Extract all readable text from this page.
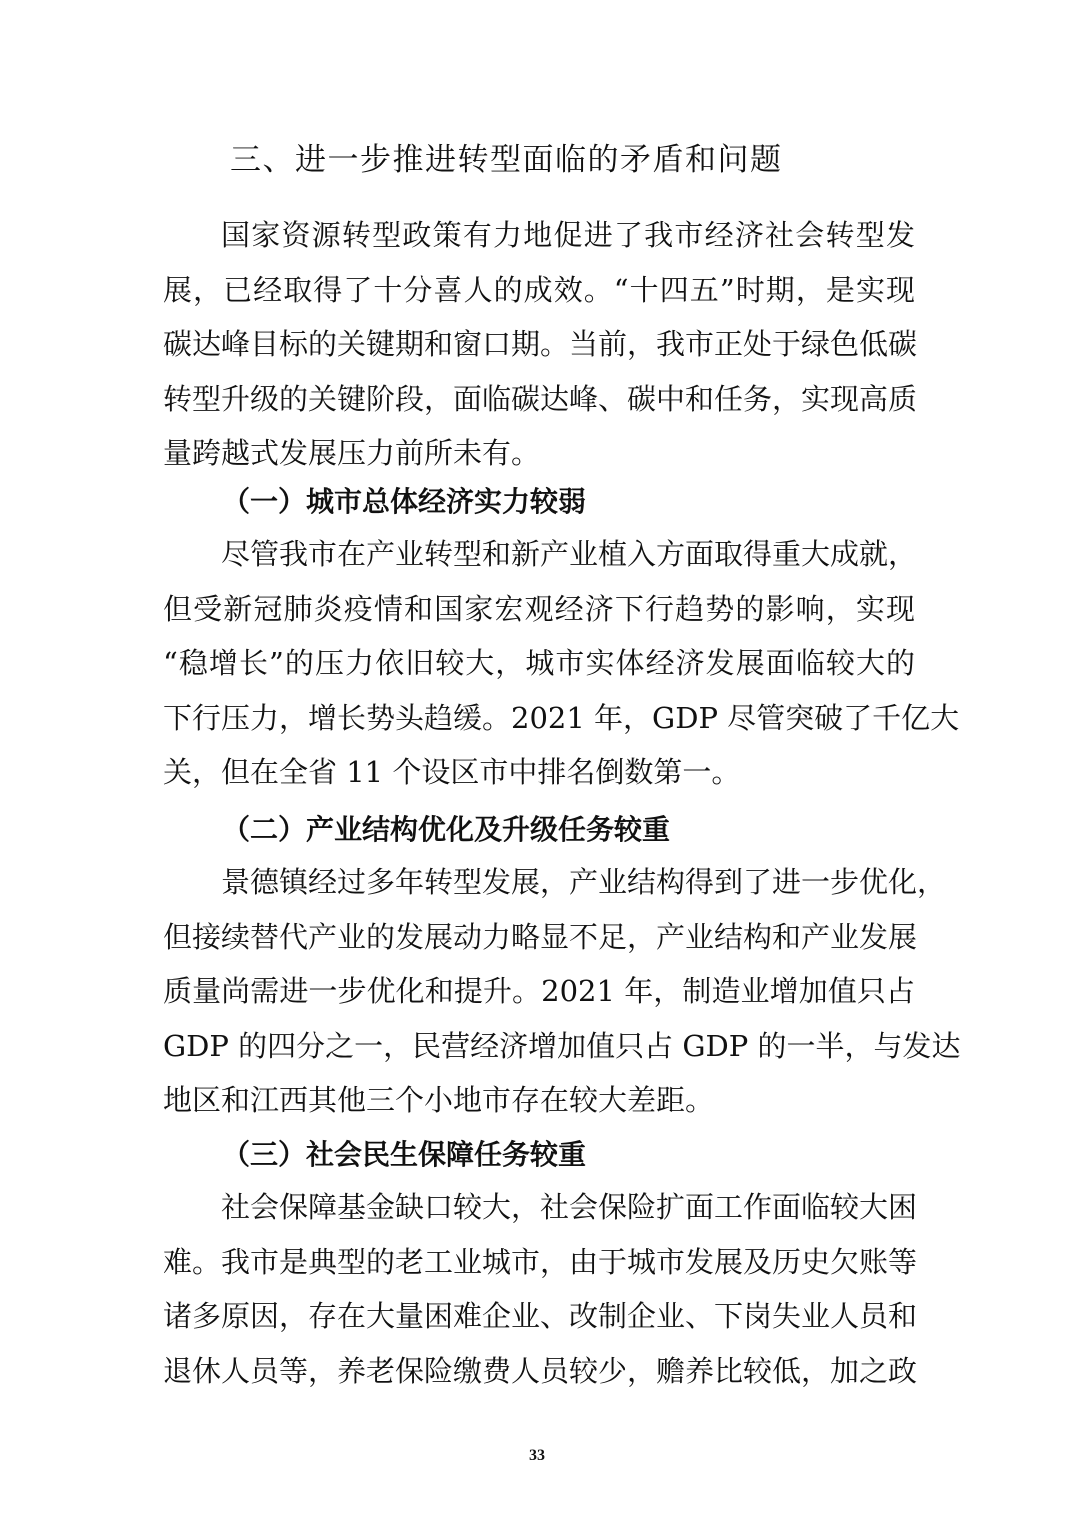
三、进一步推进转型面临的矛盾和问题
国家资源转型政策有力地促进了我市经济社会转型发
展，已经取得了十分喜人的成效。“十四五”时期，是实现
碳达峰目标的关键期和窗口期。当前，我市正处于绿色低碳
转型升级的关键阶段，面临碳达峰、碳中和任务，实现高质
量跨越式发展压力前所未有。
（一）城市总体经济实力较弱
尽管我市在产业转型和新产业植入方面取得重大成就，
但受新冠肺炎疫情和国家宏观经济下行趋势的影响，实现
“稳增长”的压力依旧较大，城市实体经济发展面临较大的
下行压力，增长势头趋缓。2021 年，GDP 尽管突破了千亿大
关，但在全省 11 个设区市中排名倒数第一。
（二）产业结构优化及升级任务较重
景德镇经过多年转型发展，产业结构得到了进一步优化，
但接续替代产业的发展动力略显不足，产业结构和产业发展
质量尚需进一步优化和提升。2021 年，制造业增加值只占
GDP 的四分之一，民营经济增加值只占 GDP 的一半，与发达
地区和江西其他三个小地市存在较大差距。
（三）社会民生保障任务较重
社会保障基金缺口较大，社会保险扩面工作面临较大困
难。我市是典型的老工业城市，由于城市发展及历史欠账等
诸多原因，存在大量困难企业、改制企业、下岗失业人员和
退休人员等，养老保险缴费人员较少，赡养比较低，加之政
33
